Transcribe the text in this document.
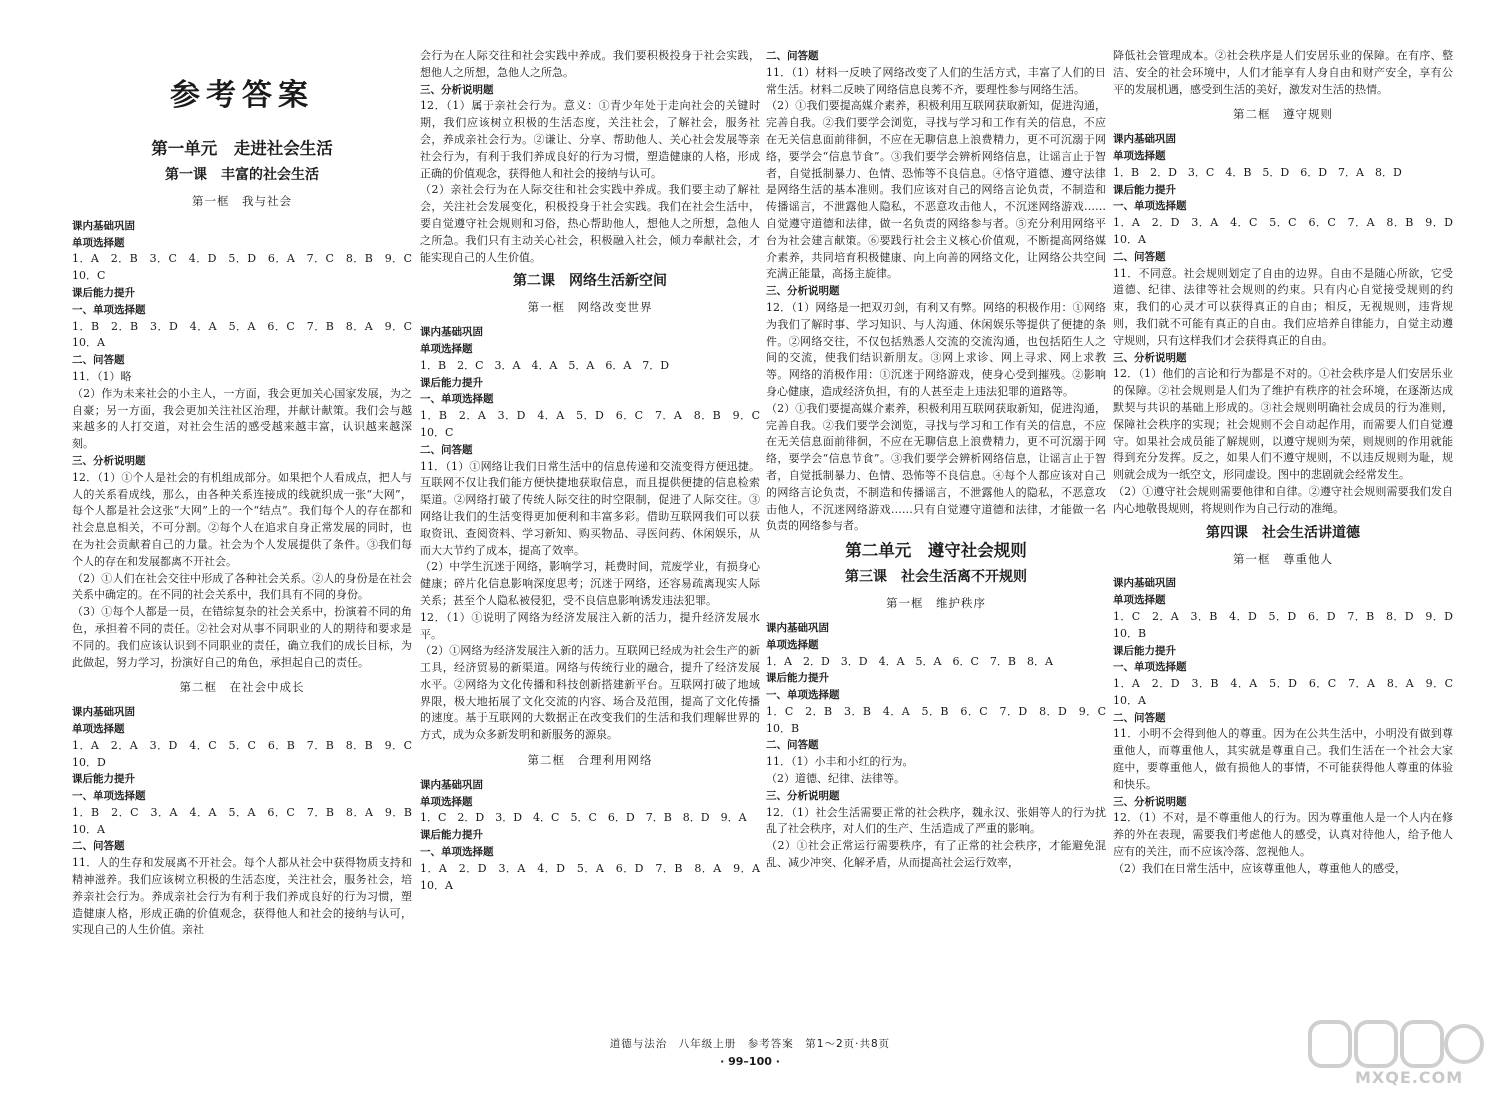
参考答案
第一单元　走进社会生活
第一课　丰富的社会生活
第一框　我与社会
课内基础巩固
单项选择题
1．A　2．B　3．C　4．D　5．D　6．A　7．C　8．B　9．C　10．C
课后能力提升
一、单项选择题
1．B　2．B　3．D　4．A　5．A　6．C　7．B　8．A　9．C　10．A
二、问答题
11．（1）略
（2）作为未来社会的小主人，一方面，我会更加关心国家发展，为之自豪；另一方面，我会更加关注社区治理，并献计献策。我们会与越来越多的人打交道，对社会生活的感受越来越丰富，认识越来越深刻。
三、分析说明题
12．（1）①个人是社会的有机组成部分。如果把个人看成点，把人与人的关系看成线，那么，由各种关系连接成的线就织成一张“大网”，每个人都是社会这张“大网”上的一个“结点”。我们每个人的存在都和社会息息相关，不可分割。②每个人在追求自身正常发展的同时，也在为社会贡献着自己的力量。社会为个人发展提供了条件。③我们每个人的存在和发展都离不开社会。
（2）①人们在社会交往中形成了各种社会关系。②人的身份是在社会关系中确定的。在不同的社会关系中，我们具有不同的身份。
（3）①每个人都是一员，在错综复杂的社会关系中，扮演着不同的角色，承担着不同的责任。②社会对从事不同职业的人的期待和要求是不同的。我们应该认识到不同职业的责任，确立我们的成长目标，为此做起，努力学习，扮演好自己的角色，承担起自己的责任。
第二框　在社会中成长
课内基础巩固
单项选择题
1．A　2．A　3．D　4．C　5．C　6．B　7．B　8．B　9．C　10．D
课后能力提升
一、单项选择题
1．B　2．C　3．A　4．A　5．A　6．C　7．B　8．A　9．B　10．A
二、问答题
11．人的生存和发展离不开社会。每个人都从社会中获得物质支持和精神滋养。我们应该树立积极的生活态度，关注社会，服务社会，培养亲社会行为。养成亲社会行为有利于我们养成良好的行为习惯，塑造健康人格，形成正确的价值观念，获得他人和社会的接纳与认可，实现自己的人生价值。亲社
会行为在人际交往和社会实践中养成。我们要积极投身于社会实践，想他人之所想，急他人之所急。
三、分析说明题
12．（1）属于亲社会行为。意义：①青少年处于走向社会的关键时期，我们应该树立积极的生活态度，关注社会，了解社会，服务社会，养成亲社会行为。②谦让、分享、帮助他人、关心社会发展等亲社会行为，有利于我们养成良好的行为习惯，塑造健康的人格，形成正确的价值观念，获得他人和社会的接纳与认可。
（2）亲社会行为在人际交往和社会实践中养成。我们要主动了解社会，关注社会发展变化，积极投身于社会实践。我们在社会生活中，要自觉遵守社会规则和习俗，热心帮助他人，想他人之所想，急他人之所急。我们只有主动关心社会，积极融入社会，倾力奉献社会，才能实现自己的人生价值。
第二课　网络生活新空间
第一框　网络改变世界
课内基础巩固
单项选择题
1．B　2．C　3．A　4．A　5．A　6．A　7．D
课后能力提升
一、单项选择题
1．B　2．A　3．D　4．A　5．D　6．C　7．A　8．B　9．C　10．C
二、问答题
11．（1）①网络让我们日常生活中的信息传递和交流变得方便迅捷。互联网不仅让我们能方便快捷地获取信息，而且提供便捷的信息检索渠道。②网络打破了传统人际交往的时空限制，促进了人际交往。③网络让我们的生活变得更加便利和丰富多彩。借助互联网我们可以获取资讯、查阅资料、学习新知、购买物品、寻医问药、休闲娱乐，从而大大节约了成本，提高了效率。
（2）中学生沉迷于网络，影响学习，耗费时间，荒废学业，有损身心健康；碎片化信息影响深度思考；沉迷于网络，还容易疏离现实人际关系；甚至个人隐私被侵犯，受不良信息影响诱发违法犯罪。
12．（1）①说明了网络为经济发展注入新的活力，提升经济发展水平。
（2）①网络为经济发展注入新的活力。互联网已经成为社会生产的新工具，经济贸易的新渠道。网络与传统行业的融合，提升了经济发展水平。②网络为文化传播和科技创新搭建新平台。互联网打破了地域界限，极大地拓展了文化交流的内容、场合及范围，提高了文化传播的速度。基于互联网的大数据正在改变我们的生活和我们理解世界的方式，成为众多新发明和新服务的源泉。
第二框　合理利用网络
课内基础巩固
单项选择题
1．C　2．D　3．D　4．C　5．C　6．D　7．B　8．D　9．A
课后能力提升
一、单项选择题
1．A　2．D　3．A　4．D　5．A　6．D　7．B　8．A　9．A　10．A
二、问答题
11．（1）材料一反映了网络改变了人们的生活方式，丰富了人们的日常生活。材料二反映了网络信息良莠不齐，要理性参与网络生活。
（2）①我们要提高媒介素养，积极利用互联网获取新知，促进沟通，完善自我。②我们要学会浏览，寻找与学习和工作有关的信息，不应在无关信息面前徘徊，不应在无聊信息上浪费精力，更不可沉溺于网络，要学会“信息节食”。③我们要学会辨析网络信息，让谣言止于智者，自觉抵制暴力、色情、恐怖等不良信息。④恪守道德、遵守法律是网络生活的基本准则。我们应该对自己的网络言论负责，不制造和传播谣言，不泄露他人隐私，不恶意攻击他人，不沉迷网络游戏……自觉遵守道德和法律，做一名负责的网络参与者。⑤充分利用网络平台为社会建言献策。⑥要践行社会主义核心价值观，不断提高网络媒介素养，共同培育积极健康、向上向善的网络文化，让网络公共空间充满正能量，高扬主旋律。
三、分析说明题
12．（1）网络是一把双刃剑，有利又有弊。网络的积极作用：①网络为我们了解时事、学习知识、与人沟通、休闲娱乐等提供了便捷的条件。②网络交往，不仅包括熟悉人交流的交流沟通，也包括陌生人之间的交流，使我们结识新朋友。③网上求诊、网上寻求、网上求教等。网络的消极作用：①沉迷于网络游戏，使身心受到摧残。②影响身心健康，造成经济负担，有的人甚至走上违法犯罪的道路等。
（2）①我们要提高媒介素养，积极利用互联网获取新知，促进沟通，完善自我。②我们要学会浏览，寻找与学习和工作有关的信息，不应在无关信息面前徘徊，不应在无聊信息上浪费精力，更不可沉溺于网络，要学会“信息节食”。③我们要学会辨析网络信息，让谣言止于智者，自觉抵制暴力、色情、恐怖等不良信息。④每个人都应该对自己的网络言论负责，不制造和传播谣言，不泄露他人的隐私，不恶意攻击他人，不沉迷网络游戏……只有自觉遵守道德和法律，才能做一名负责的网络参与者。
第二单元　遵守社会规则
第三课　社会生活离不开规则
第一框　维护秩序
课内基础巩固
单项选择题
1．A　2．D　3．D　4．A　5．A　6．C　7．B　8．A
课后能力提升
一、单项选择题
1．C　2．B　3．B　4．A　5．B　6．C　7．D　8．D　9．C　10．B
二、问答题
11．（1）小丰和小红的行为。
（2）道德、纪律、法律等。
三、分析说明题
12．（1）社会生活需要正常的社会秩序，魏永汉、张娟等人的行为扰乱了社会秩序，对人们的生产、生活造成了严重的影响。
（2）①社会正常运行需要秩序，有了正常的社会秩序，才能避免混乱、减少冲突、化解矛盾，从而提高社会运行效率，
降低社会管理成本。②社会秩序是人们安居乐业的保障。在有序、整洁、安全的社会环境中，人们才能享有人身自由和财产安全，享有公平的发展机遇，感受到生活的美好，激发对生活的热情。
第二框　遵守规则
课内基础巩固
单项选择题
1．B　2．D　3．C　4．B　5．D　6．D　7．A　8．D
课后能力提升
一、单项选择题
1．A　2．D　3．A　4．C　5．C　6．C　7．A　8．B　9．D　10．A
二、问答题
11．不同意。社会规则划定了自由的边界。自由不是随心所欲，它受道德、纪律、法律等社会规则的约束。只有内心自觉接受规则的约束，我们的心灵才可以获得真正的自由；相反，无视规则，违背规则，我们就不可能有真正的自由。我们应培养自律能力，自觉主动遵守规则，只有这样我们才会获得真正的自由。
三、分析说明题
12．（1）他们的言论和行为都是不对的。①社会秩序是人们安居乐业的保障。②社会规则是人们为了维护有秩序的社会环境，在逐渐达成默契与共识的基础上形成的。③社会规则明确社会成员的行为准则，保障社会秩序的实现；社会规则不会自动起作用，而需要人们自觉遵守。如果社会成员能了解规则，以遵守规则为荣，则规则的作用就能得到充分发挥。反之，如果人们不遵守规则，不以违反规则为耻，规则就会成为一纸空文，形同虚设。图中的悲剧就会经常发生。
（2）①遵守社会规则需要他律和自律。②遵守社会规则需要我们发自内心地敬畏规则，将规则作为自己行动的准绳。
第四课　社会生活讲道德
第一框　尊重他人
课内基础巩固
单项选择题
1．C　2．A　3．B　4．D　5．D　6．D　7．B　8．D　9．D　10．B
课后能力提升
一、单项选择题
1．A　2．D　3．B　4．A　5．D　6．C　7．A　8．A　9．C　10．A
二、问答题
11．小明不会得到他人的尊重。因为在公共生活中，小明没有做到尊重他人，而尊重他人，其实就是尊重自己。我们生活在一个社会大家庭中，要尊重他人，做有损他人的事情，不可能获得他人尊重的体验和快乐。
三、分析说明题
12．（1）不对，是不尊重他人的行为。因为尊重他人是一个人内在修养的外在表现，需要我们考虑他人的感受，认真对待他人，给予他人应有的关注，而不应该冷落、忽视他人。
（2）我们在日常生活中，应该尊重他人，尊重他人的感受，
道德与法治　八年级上册　参考答案　第1～2页·共8页
· 99–100 ·
MXQE.COM
